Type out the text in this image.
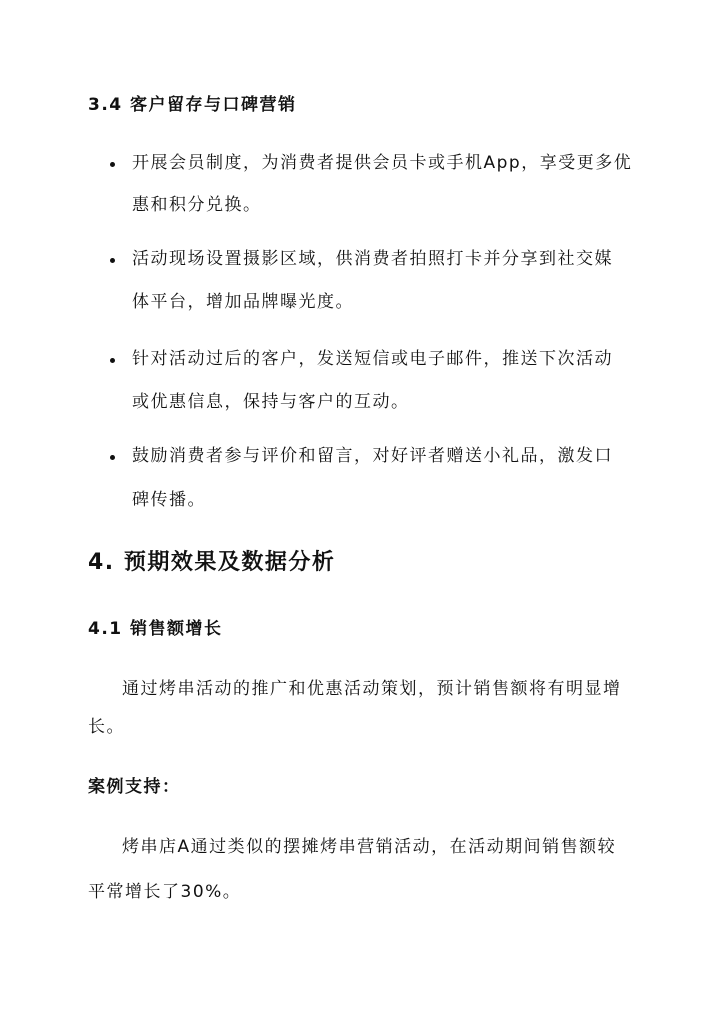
3.4 客户留存与口碑营销
开展会员制度，为消费者提供会员卡或手机App，享受更多优
惠和积分兑换。
活动现场设置摄影区域，供消费者拍照打卡并分享到社交媒
体平台，增加品牌曝光度。
针对活动过后的客户，发送短信或电子邮件，推送下次活动
或优惠信息，保持与客户的互动。
鼓励消费者参与评价和留言，对好评者赠送小礼品，激发口
碑传播。
4. 预期效果及数据分析
4.1 销售额增长
通过烤串活动的推广和优惠活动策划，预计销售额将有明显增
长。
案例支持：
烤串店A通过类似的摆摊烤串营销活动，在活动期间销售额较
平常增长了30%。
